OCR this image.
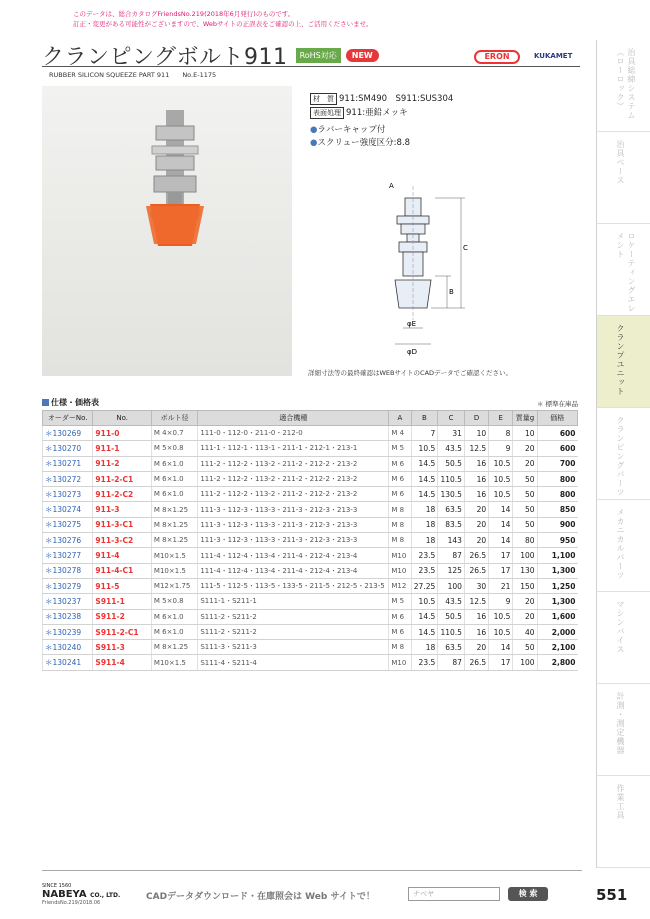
このデータは、総合カタログFriendsNo.219(2018年6月発行)のものです。
訂正・変更がある可能性がございますので、Webサイトの正誤表をご確認の上、ご活用くださいませ。
クランピングボルト911	RoHS対応	NEW
RUBBER SILICON SQUEEZE PART 911　　No.E-1175
ERON	KUKAMET
材　質 911:SM490　S911:SUS304
表面処理 911:亜鉛メッキ
●ラバーキャップ付
●スクリュー強度区分:8.8
A
C
B
φE
φD
詳細寸法等の最終確認はWEBサイトのCADデータでご確認ください。
仕様・価格表	＊ 標準在庫品
オーダーNo.	No.	ボルト径	適合機種	A	B	C	D	E	質量g	価格
＊130269	911-0	M 4×0.7	111-0・112-0・211-0・212-0	M 4	7	31	10	8	10	600
＊130270	911-1	M 5×0.8	111-1・112-1・113-1・211-1・212-1・213-1	M 5	10.5	43.5	12.5	9	20	600
＊130271	911-2	M 6×1.0	111-2・112-2・113-2・211-2・212-2・213-2	M 6	14.5	50.5	16	10.5	20	700
＊130272	911-2-C1	M 6×1.0	111-2・112-2・113-2・211-2・212-2・213-2	M 6	14.5	110.5	16	10.5	50	800
＊130273	911-2-C2	M 6×1.0	111-2・112-2・113-2・211-2・212-2・213-2	M 6	14.5	130.5	16	10.5	50	800
＊130274	911-3	M 8×1.25	111-3・112-3・113-3・211-3・212-3・213-3	M 8	18	63.5	20	14	50	850
＊130275	911-3-C1	M 8×1.25	111-3・112-3・113-3・211-3・212-3・213-3	M 8	18	83.5	20	14	50	900
＊130276	911-3-C2	M 8×1.25	111-3・112-3・113-3・211-3・212-3・213-3	M 8	18	143	20	14	80	950
＊130277	911-4	M10×1.5	111-4・112-4・113-4・211-4・212-4・213-4	M10	23.5	87	26.5	17	100	1,100
＊130278	911-4-C1	M10×1.5	111-4・112-4・113-4・211-4・212-4・213-4	M10	23.5	125	26.5	17	130	1,300
＊130279	911-5	M12×1.75	111-5・112-5・113-5・133-5・211-5・212-5・213-5	M12	27.25	100	30	21	150	1,250
＊130237	S911-1	M 5×0.8	S111-1・S211-1	M 5	10.5	43.5	12.5	9	20	1,300
＊130238	S911-2	M 6×1.0	S111-2・S211-2	M 6	14.5	50.5	16	10.5	20	1,600
＊130239	S911-2-C1	M 6×1.0	S111-2・S211-2	M 6	14.5	110.5	16	10.5	40	2,000
＊130240	S911-3	M 8×1.25	S111-3・S211-3	M 8	18	63.5	20	14	50	2,100
＊130241	S911-4	M10×1.5	S111-4・S211-4	M10	23.5	87	26.5	17	100	2,800
治具総締システム（ローロック）
治具ベース
ロケーティングエレメント
クランプユニット
クランピングパーツ
メカニカルパーツ
マシンバイス
計測・測定機器
作業工具
SINCE 1560
NABEYA CO., LTD.
FriendsNo.219/2018.06
CADデータダウンロード・在庫照会は Web サイトで！	ナベヤ	検 索	551
